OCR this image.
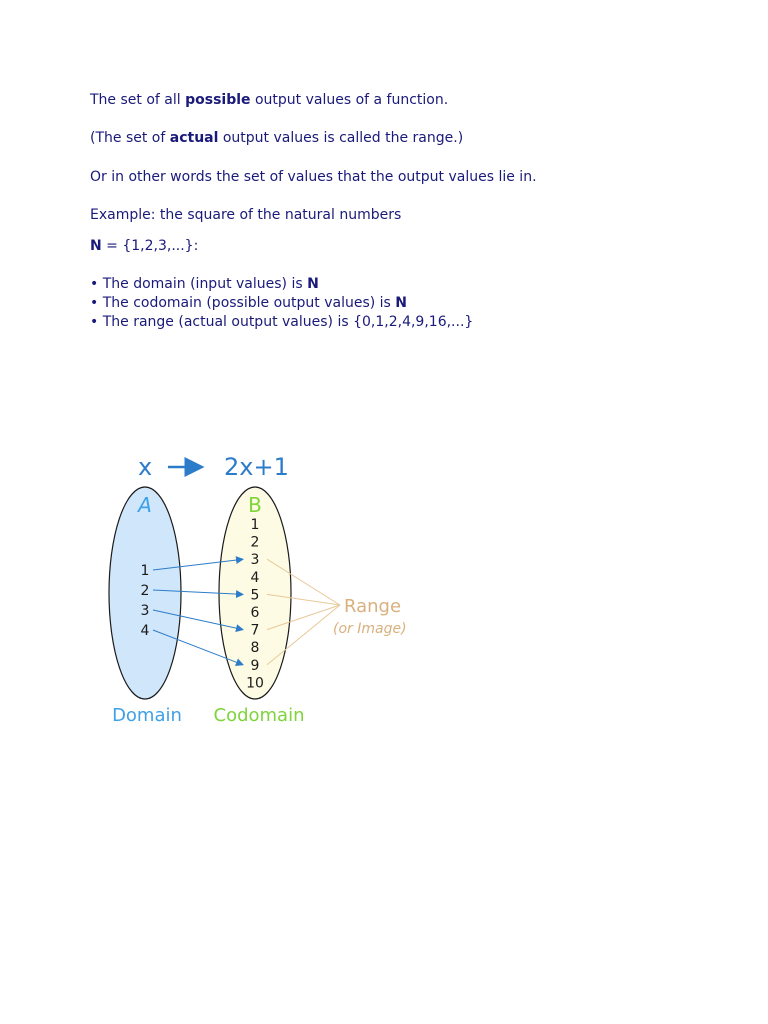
The set of all possible output values of a function.

(The set of actual output values is called the range.)

Or in other words the set of values that the output values lie in.

Example: the square of the natural numbers

N = {1,2,3,...}:

• The domain (input values) is N
• The codomain (possible output values) is N
• The range (actual output values) is {0,1,2,4,9,16,...}
x	2x+1
A	B
1
2
3
4
5
6
7
8
9
10
1
2
3
4
Range
(or Image)
Domain Codomain
